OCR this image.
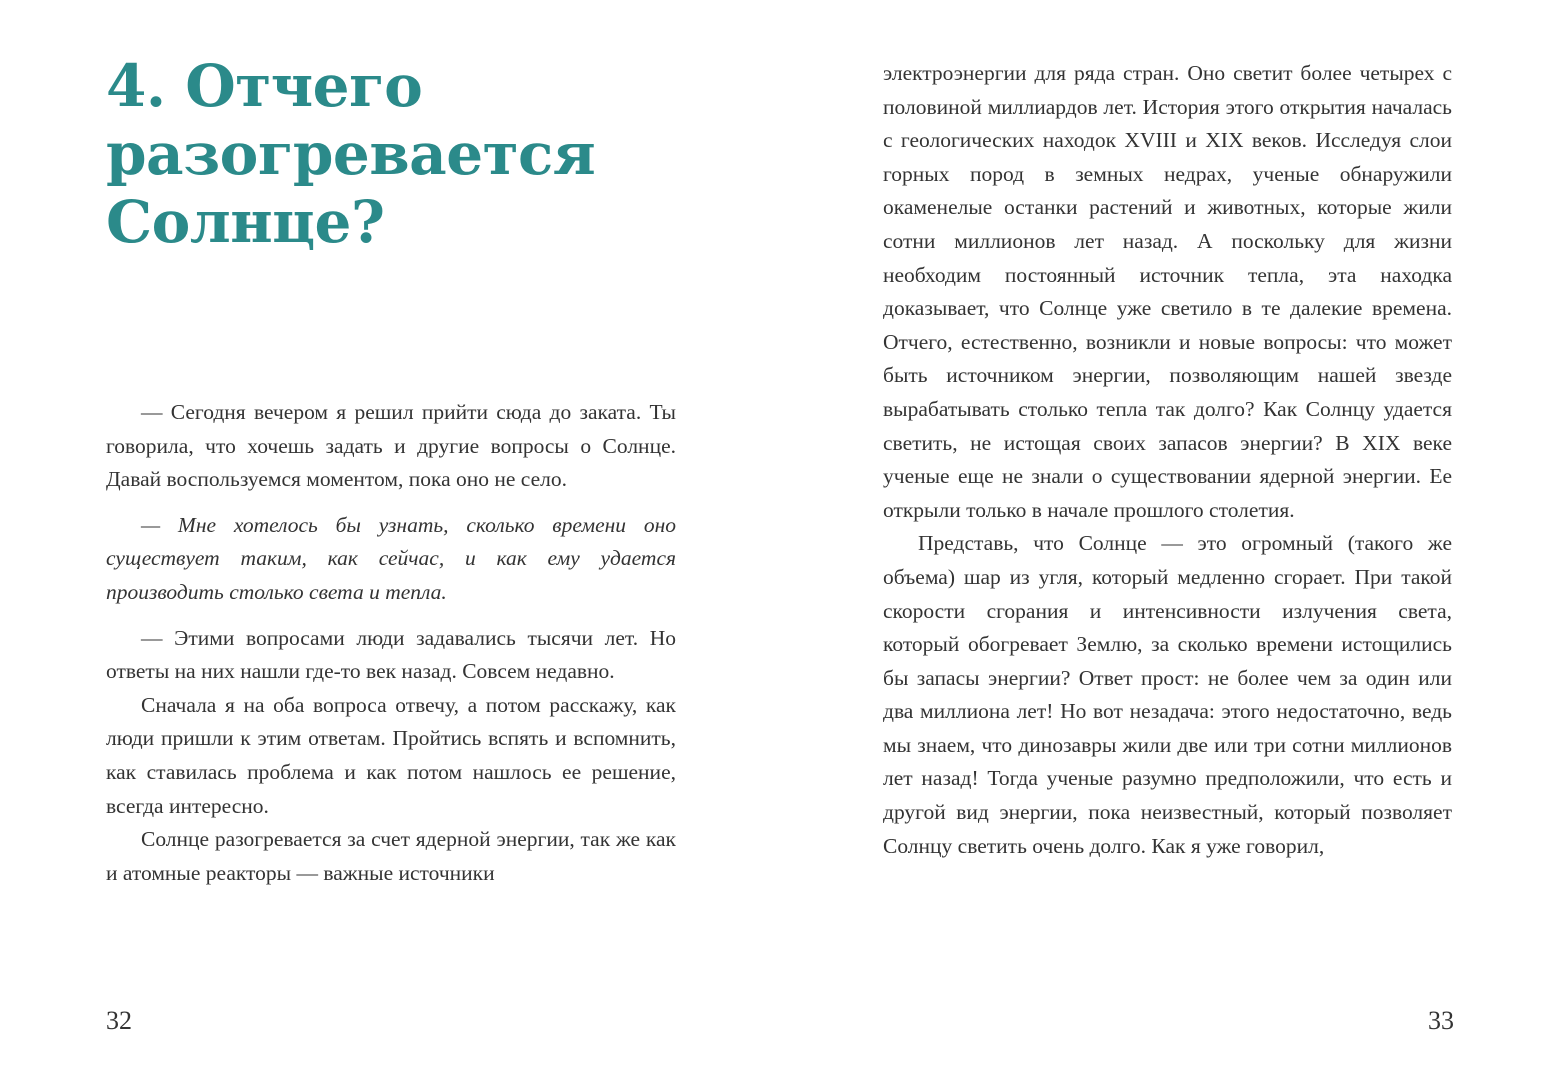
4. Отчего
разогревается
Солнце?

— Сегодня вечером я решил прийти сюда до заката. Ты говорила, что хочешь задать и другие вопросы о Солнце. Давай воспользуемся моментом, пока оно не село.

— Мне хотелось бы узнать, сколько времени оно существует таким, как сейчас, и как ему удается производить столько света и тепла.

— Этими вопросами люди задавались тысячи лет. Но ответы на них нашли где-то век назад. Совсем недавно.

Сначала я на оба вопроса отвечу, а потом расскажу, как люди пришли к этим ответам. Пройтись вспять и вспомнить, как ставилась проблема и как потом нашлось ее решение, всегда интересно.

Солнце разогревается за счет ядерной энергии, так же как и атомные реакторы — важные источники

32

электроэнергии для ряда стран. Оно светит более четырех с половиной миллиардов лет. История этого открытия началась с геологических находок XVIII и XIX веков. Исследуя слои горных пород в земных недрах, ученые обнаружили окаменелые останки растений и животных, которые жили сотни миллионов лет назад. А поскольку для жизни необходим постоянный источник тепла, эта находка доказывает, что Солнце уже светило в те далекие времена. Отчего, естественно, возникли и новые вопросы: что может быть источником энергии, позволяющим нашей звезде вырабатывать столько тепла так долго? Как Солнцу удается светить, не истощая своих запасов энергии? В XIX веке ученые еще не знали о существовании ядерной энергии. Ее открыли только в начале прошлого столетия.

Представь, что Солнце — это огромный (такого же объема) шар из угля, который медленно сгорает. При такой скорости сгорания и интенсивности излучения света, который обогревает Землю, за сколько времени истощились бы запасы энергии? Ответ прост: не более чем за один или два миллиона лет! Но вот незадача: этого недостаточно, ведь мы знаем, что динозавры жили две или три сотни миллионов лет назад! Тогда ученые разумно предположили, что есть и другой вид энергии, пока неизвестный, который позволяет Солнцу светить очень долго. Как я уже говорил,

33
